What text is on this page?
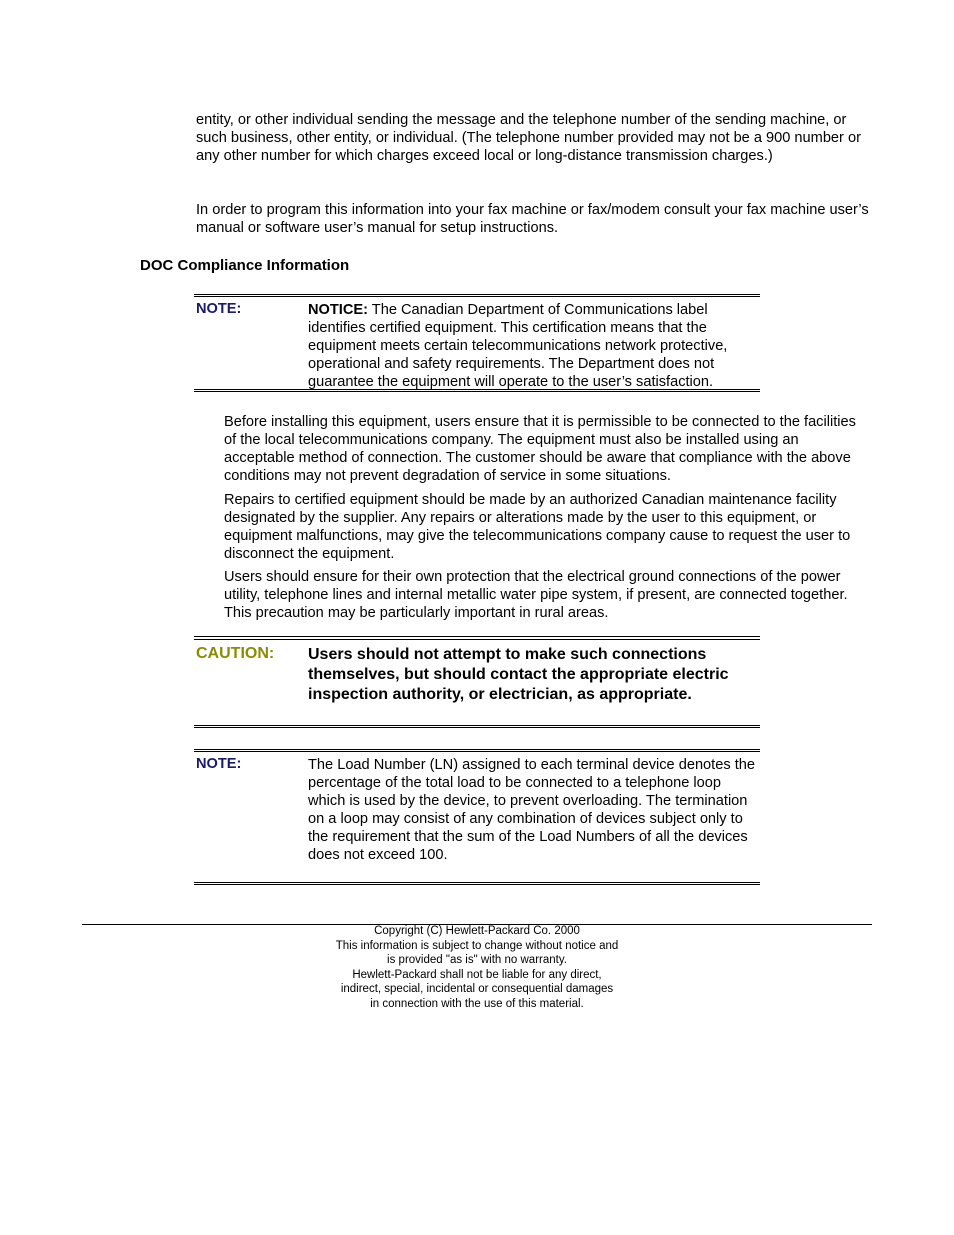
entity, or other individual sending the message and the telephone number of the sending machine, or such business, other entity, or individual. (The telephone number provided may not be a 900 number or any other number for which charges exceed local or long-distance transmission charges.)

In order to program this information into your fax machine or fax/modem consult your fax machine user’s manual or software user’s manual for setup instructions.

DOC Compliance Information
NOTE:	NOTICE: The Canadian Department of Communications label identifies certified equipment. This certification means that the equipment meets certain telecommunications network protective, operational and safety requirements. The Department does not guarantee the equipment will operate to the user’s satisfaction.

Before installing this equipment, users ensure that it is permissible to be connected to the facilities of the local telecommunications company. The equipment must also be installed using an acceptable method of connection. The customer should be aware that compliance with the above conditions may not prevent degradation of service in some situations.

Repairs to certified equipment should be made by an authorized Canadian maintenance facility designated by the supplier. Any repairs or alterations made by the user to this equipment, or equipment malfunctions, may give the telecommunications company cause to request the user to disconnect the equipment.

Users should ensure for their own protection that the electrical ground connections of the power utility, telephone lines and internal metallic water pipe system, if present, are connected together. This precaution may be particularly important in rural areas.

CAUTION: Users should not attempt to make such connections themselves, but should contact the appropriate electric inspection authority, or electrician, as appropriate.

NOTE:	The Load Number (LN) assigned to each terminal device denotes the percentage of the total load to be connected to a telephone loop which is used by the device, to prevent overloading. The termination on a loop may consist of any combination of devices subject only to the requirement that the sum of the Load Numbers of all the devices does not exceed 100.

Copyright (C) Hewlett-Packard Co. 2000
This information is subject to change without notice and
is provided "as is" with no warranty.
Hewlett-Packard shall not be liable for any direct,
indirect, special, incidental or consequential damages
in connection with the use of this material.
